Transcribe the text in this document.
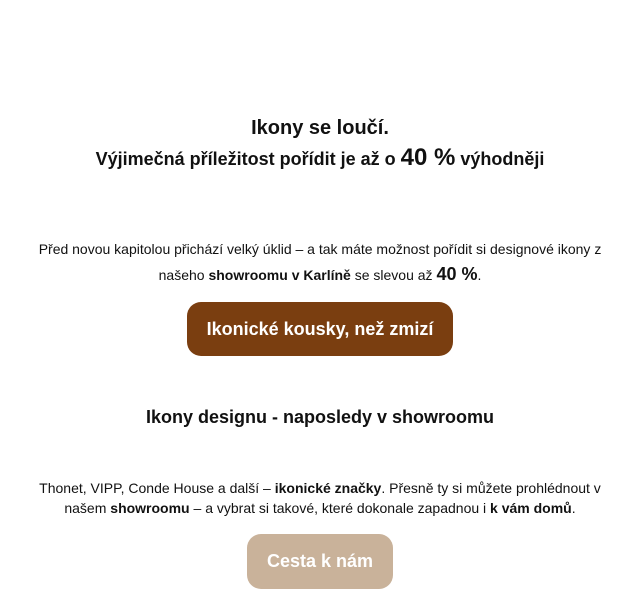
Ikony se loučí.
Výjimečná příležitost pořídit je až o 40 % výhodněji

Před novou kapitolou přichází velký úklid – a tak máte možnost pořídit si designové ikony z našeho showroomu v Karlíně se slevou až 40 %.

Ikonické kousky, než zmizí
Ikony designu - naposledy v showroomu

Thonet, VIPP, Conde House a další – ikonické značky. Přesně ty si můžete prohlédnout v našem showroomu – a vybrat si takové, které dokonale zapadnou i k vám domů.

Cesta k nám
